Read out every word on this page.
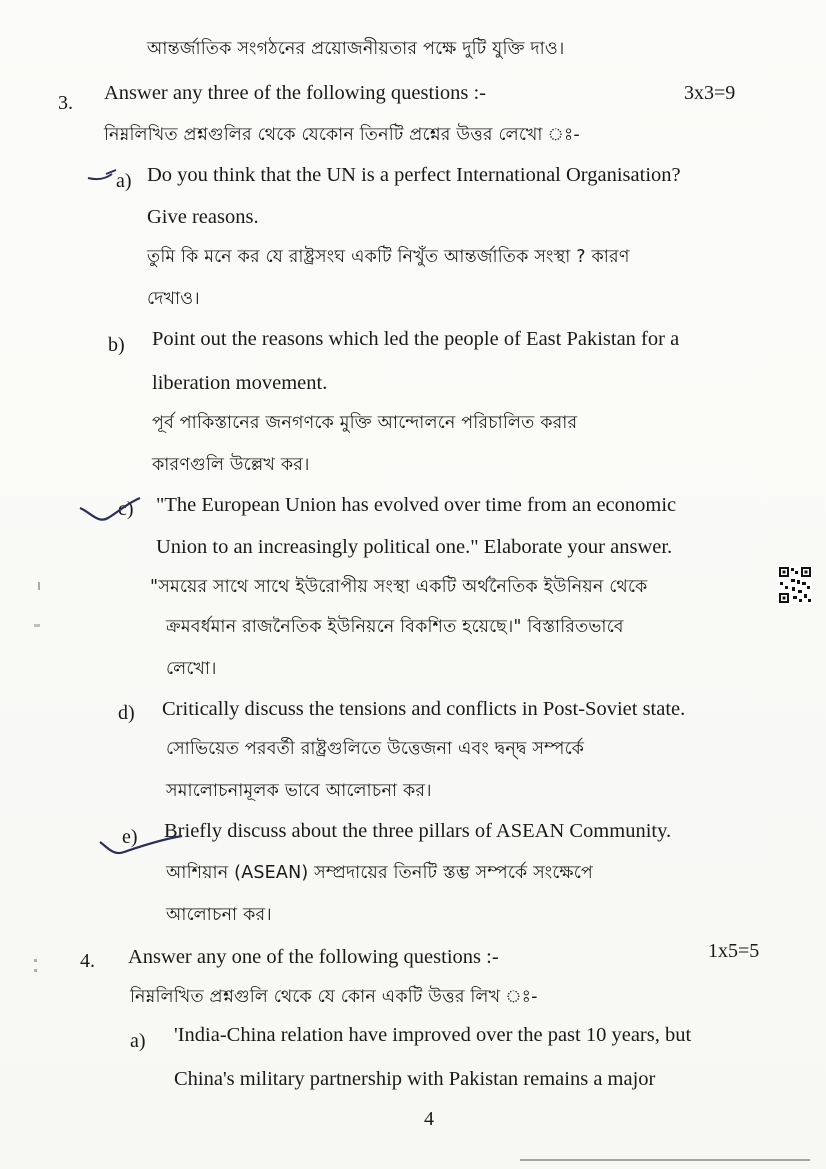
আন্তর্জাতিক সংগঠনের প্রয়োজনীয়তার পক্ষে দুটি যুক্তি দাও।
3. Answer any three of the following questions :-	3x3=9
নিম্নলিখিত প্রশ্নগুলির থেকে যেকোন তিনটি প্রশ্নের উত্তর লেখো ঃ-
a) Do you think that the UN is a perfect International Organisation?
Give reasons.
তুমি কি মনে কর যে রাষ্ট্রসংঘ একটি নিখুঁত আন্তর্জাতিক সংস্থা ? কারণ
দেখাও।
b) Point out the reasons which led the people of East Pakistan for a
liberation movement.
পূর্ব পাকিস্তানের জনগণকে মুক্তি আন্দোলনে পরিচালিত করার
কারণগুলি উল্লেখ কর।
c) "The European Union has evolved over time from an economic
Union to an increasingly political one." Elaborate your answer.
"সময়ের সাথে সাথে ইউরোপীয় সংস্থা একটি অর্থনৈতিক ইউনিয়ন থেকে
ক্রমবর্ধমান রাজনৈতিক ইউনিয়নে বিকশিত হয়েছে।" বিস্তারিতভাবে
লেখো।
d) Critically discuss the tensions and conflicts in Post-Soviet state.
সোভিয়েত পরবর্তী রাষ্ট্রগুলিতে উত্তেজনা এবং দ্বন্দ্ব সম্পর্কে
সমালোচনামূলক ভাবে আলোচনা কর।
e) Briefly discuss about the three pillars of ASEAN Community.
আশিয়ান (ASEAN) সম্প্রদায়ের তিনটি স্তম্ভ সম্পর্কে সংক্ষেপে
আলোচনা কর।
4. Answer any one of the following questions :-	1x5=5
নিম্নলিখিত প্রশ্নগুলি থেকে যে কোন একটি উত্তর লিখ ঃ-
a) 'India-China relation have improved over the past 10 years, but
China's military partnership with Pakistan remains a major
4
